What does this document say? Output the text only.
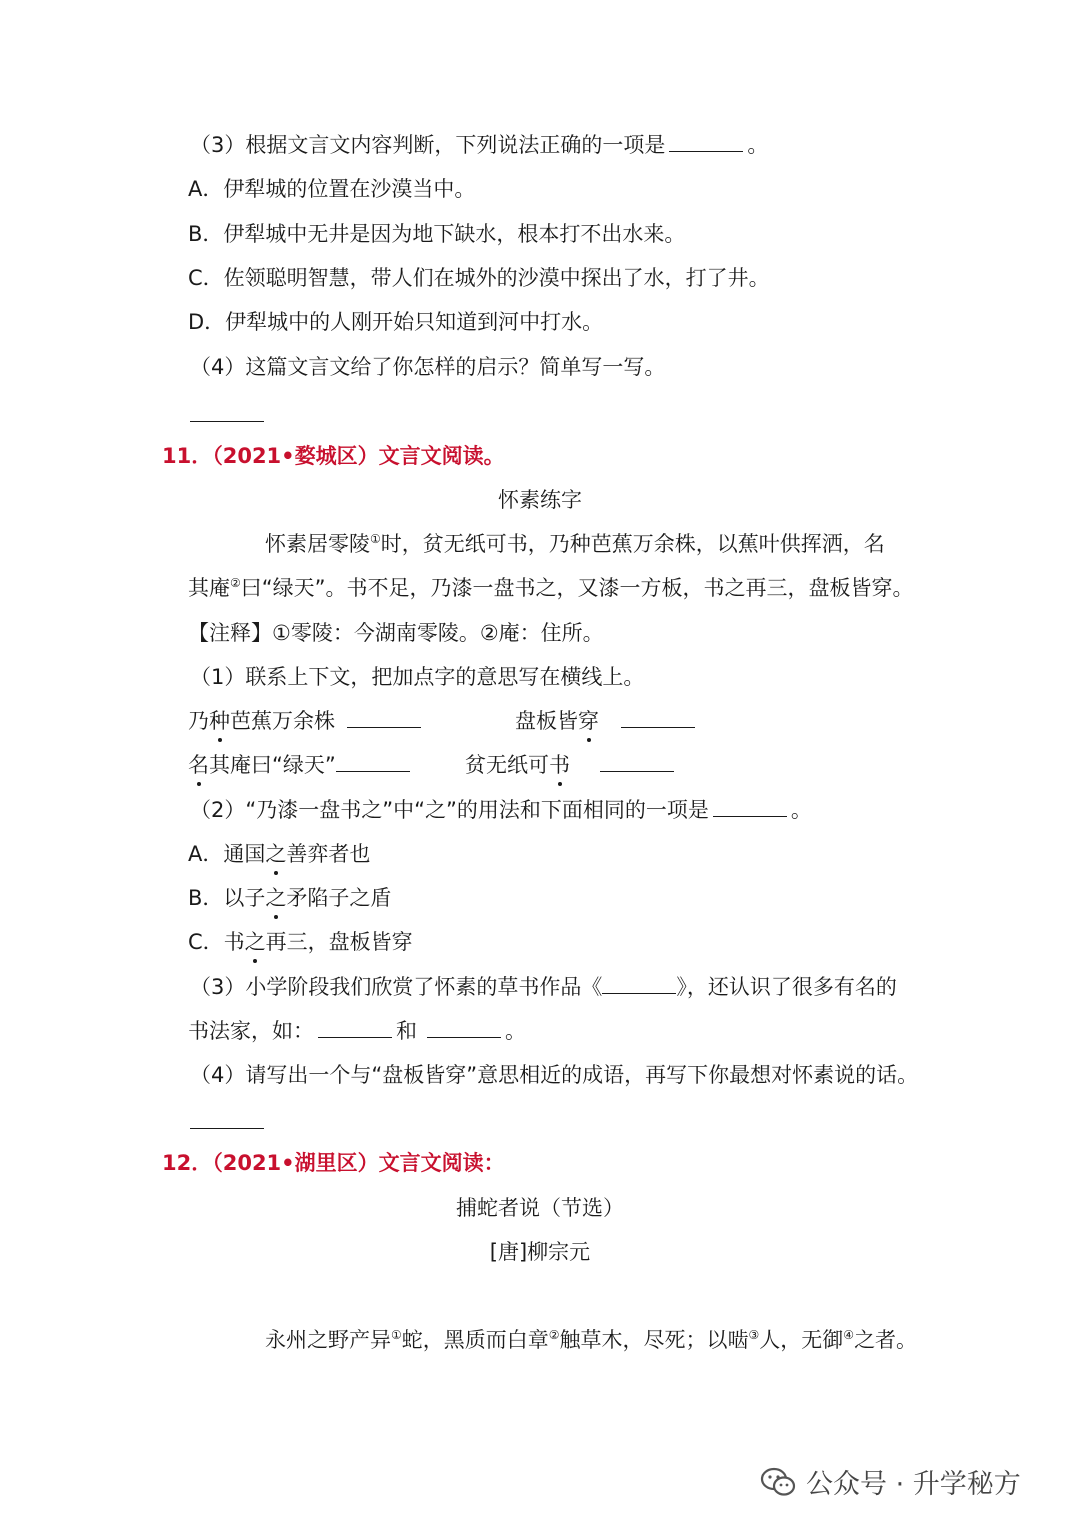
（3）根据文言文内容判断，下列说法正确的一项是	。
A．伊犁城的位置在沙漠当中。
B．伊犁城中无井是因为地下缺水，根本打不出水来。
C．佐领聪明智慧，带人们在城外的沙漠中探出了水，打了井。
D．伊犁城中的人刚开始只知道到河中打水。
（4）这篇文言文给了你怎样的启示？简单写一写。
11．（2021•婺城区）文言文阅读。
怀素练字
怀素居零陵①时，贫无纸可书，乃种芭蕉万余株，以蕉叶供挥洒，名
其庵②曰“绿天”。书不足，乃漆一盘书之，又漆一方板，书之再三，盘板皆穿。
【注释】①零陵：今湖南零陵。②庵：住所。
（1）联系上下文，把加点字的意思写在横线上。
乃种芭蕉万余株	盘板皆穿
名其庵曰“绿天”	贫无纸可书
（2）“乃漆一盘书之”中“之”的用法和下面相同的一项是	。
A．通国之善弈者也
B．以子之矛陷子之盾
C．书之再三，盘板皆穿
（3）小学阶段我们欣赏了怀素的草书作品《	》，还认识了很多有名的
书法家，如：	和	。
（4）请写出一个与“盘板皆穿”意思相近的成语，再写下你最想对怀素说的话。
12．（2021•湖里区）文言文阅读：
捕蛇者说（节选）
[唐]柳宗元
永州之野产异①蛇，黑质而白章②触草木，尽死；以啮③人，无御④之者。
公众号 · 升学秘方
